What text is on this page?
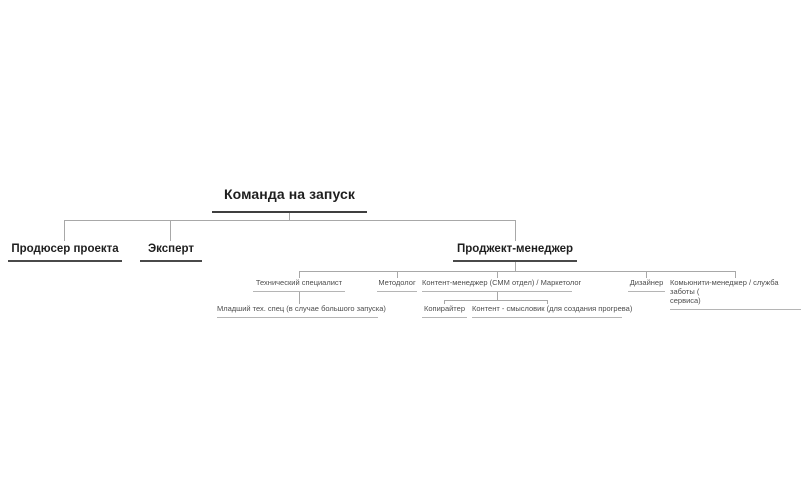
Команда на запуск
Продюсер проекта	Эксперт	Проджект-менеджер
Технический специалист	Методолог Контент-менеджер (СММ отдел) / Маркетолог	Дизайнер Комьюнити-менеджер / служба заботы (
сервиса)
Младший тех. спец (в случае большого запуска)	Копирайтер Контент - смысловик (для создания прогрева)
